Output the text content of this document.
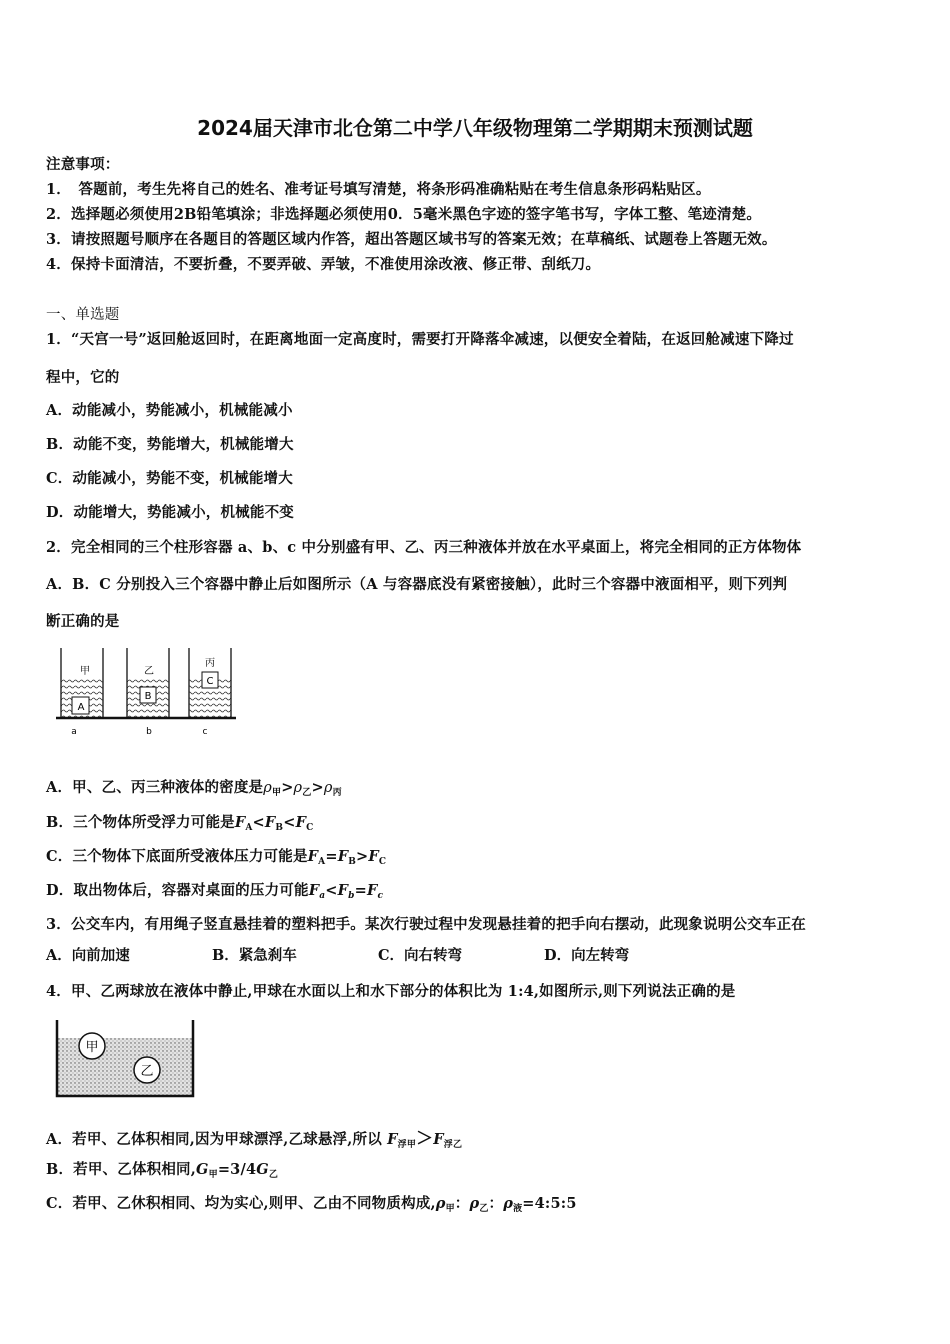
2024届天津市北仓第二中学八年级物理第二学期期末预测试题
注意事项：
1．　答题前，考生先将自己的姓名、准考证号填写清楚，将条形码准确粘贴在考生信息条形码粘贴区。
2．选择题必须使用2B铅笔填涂；非选择题必须使用0．5毫米黑色字迹的签字笔书写，字体工整、笔迹清楚。
3．请按照题号顺序在各题目的答题区域内作答，超出答题区域书写的答案无效；在草稿纸、试题卷上答题无效。
4．保持卡面清洁，不要折叠，不要弄破、弄皱，不准使用涂改液、修正带、刮纸刀。
一、单选题
1．“天宫一号”返回舱返回时，在距离地面一定高度时，需要打开降落伞减速，以便安全着陆，在返回舱减速下降过
程中，它的
A．动能减小，势能减小，机械能减小
B．动能不变，势能增大，机械能增大
C．动能减小，势能不变，机械能增大
D．动能增大，势能减小，机械能不变
2．完全相同的三个柱形容器 a、b、c 中分别盛有甲、乙、丙三种液体并放在水平桌面上，将完全相同的正方体物体
A．B．C 分别投入三个容器中静止后如图所示（A 与容器底没有紧密接触），此时三个容器中液面相平，则下列判
断正确的是
A
甲
a
B
乙
b
C
丙
c
A．甲、乙、丙三种液体的密度是$\rho_甲>\rho_乙>\rho_丙$
B．三个物体所受浮力可能是$F_A<F_B<F_C$
C．三个物体下底面所受液体压力可能是$F_A=F_B>F_C$
D．取出物体后，容器对桌面的压力可能$F_a<F_b=F_c$
3．公交车内，有用绳子竖直悬挂着的塑料把手。某次行驶过程中发现悬挂着的把手向右摆动，此现象说明公交车正在
A．向前加速	B．紧急刹车	C．向右转弯	D．向左转弯
4．甲、乙两球放在液体中静止,甲球在水面以上和水下部分的体积比为 1:4,如图所示,则下列说法正确的是
甲
乙
A．若甲、乙体积相同,因为甲球漂浮,乙球悬浮,所以 $F_{浮甲}>F_{浮乙}$
B．若甲、乙体积相同$,G_甲=3/4G_乙$
C．若甲、乙休积相同、均为实心,则甲、乙由不同物质构成$,\rho_甲$：$\rho_乙$：$\rho_液=4:5:5$
